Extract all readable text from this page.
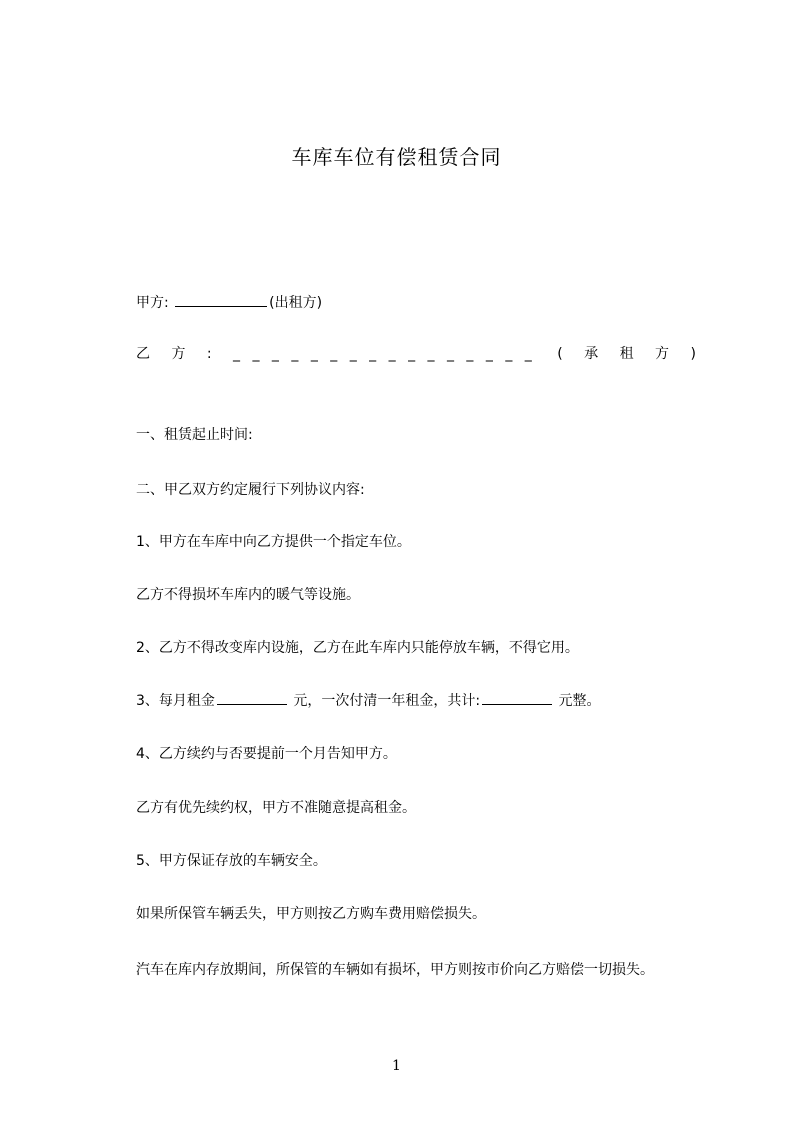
车库车位有偿租赁合同
甲方:	(出租方)
乙 方 : _ _ _ _ _ _ _ _ _ _ _ _ _ _ _ _ ( 承 租 方 )
一、租赁起止时间:
二、甲乙双方约定履行下列协议内容:
1、甲方在车库中向乙方提供一个指定车位。
乙方不得损坏车库内的暖气等设施。
2、乙方不得改变库内设施，乙方在此车库内只能停放车辆，不得它用。
3、每月租金	元，一次付清一年租金，共计:	元整。
4、乙方续约与否要提前一个月告知甲方。
乙方有优先续约权，甲方不准随意提高租金。
5、甲方保证存放的车辆安全。
如果所保管车辆丢失，甲方则按乙方购车费用赔偿损失。
汽车在库内存放期间，所保管的车辆如有损坏，甲方则按市价向乙方赔偿一切损失。
1
